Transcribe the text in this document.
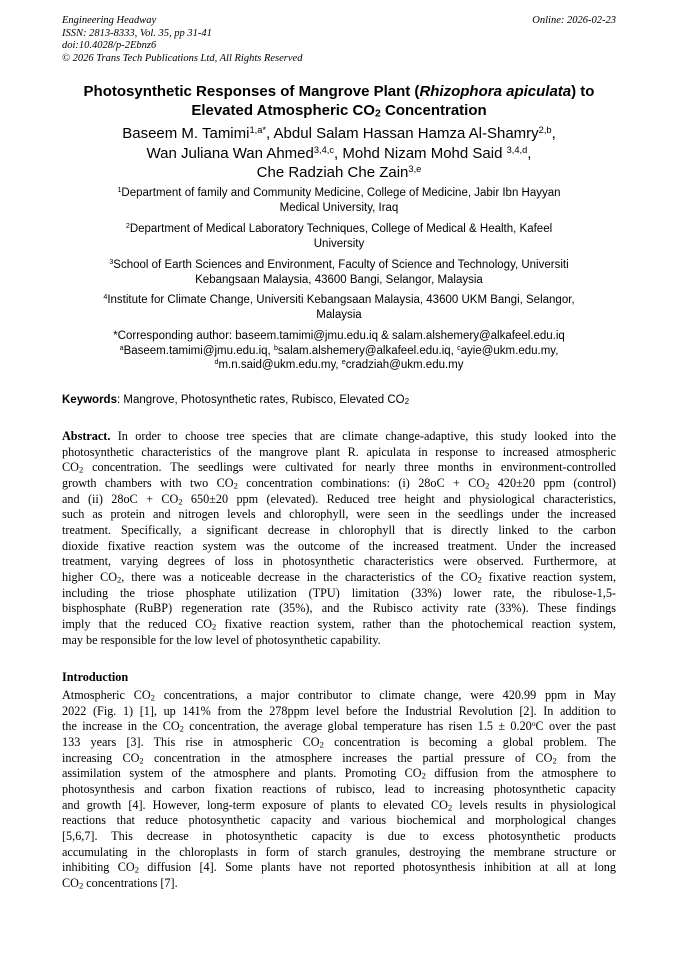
Engineering Headway
ISSN: 2813-8333, Vol. 35, pp 31-41
doi:10.4028/p-2Ebnz6
© 2026 Trans Tech Publications Ltd, All Rights Reserved
Online: 2026-02-23
Photosynthetic Responses of Mangrove Plant (Rhizophora apiculata) to
Elevated Atmospheric $CO_2$ Concentration
Baseem M. Tamimi$^{1,a*}$, Abdul Salam Hassan Hamza Al-Shamry$^{2,b}$,
Wan Juliana Wan Ahmed$^{3,4,c}$, Mohd Nizam Mohd Said $^{3,4,d}$,
Che Radziah Che Zain$^{3,e}$
$^1$Department of family and Community Medicine, College of Medicine, Jabir Ibn Hayyan
Medical University, Iraq
$^2$Department of Medical Laboratory Techniques, College of Medical & Health, Kafeel
University
$^3$School of Earth Sciences and Environment, Faculty of Science and Technology, Universiti
Kebangsaan Malaysia, 43600 Bangi, Selangor, Malaysia
$^4$Institute for Climate Change, Universiti Kebangsaan Malaysia, 43600 UKM Bangi, Selangor,
Malaysia
*Corresponding author: baseem.tamimi@jmu.edu.iq & salam.alshemery@alkafeel.edu.iq
$^a$Baseem.tamimi@jmu.edu.iq, $^b$salam.alshemery@alkafeel.edu.iq, $^c$ayie@ukm.edu.my,
$^d$m.n.said@ukm.edu.my, $^e$cradziah@ukm.edu.my
Keywords: Mangrove, Photosynthetic rates, Rubisco, Elevated $CO_2$
Abstract. In order to choose tree species that are climate change-adaptive, this study looked into the
photosynthetic characteristics of the mangrove plant R. apiculata in response to increased atmospheric
$CO_2$ concentration. The seedlings were cultivated for nearly three months in environment-controlled
growth chambers with two $CO_2$ concentration combinations: (i) $28oC + CO_2$ 420±20 ppm (control)
and (ii) $28oC + CO_2$ 650±20 ppm (elevated). Reduced tree height and physiological characteristics,
such as protein and nitrogen levels and chlorophyll, were seen in the seedlings under the increased
treatment. Specifically, a significant decrease in chlorophyll that is directly linked to the carbon
dioxide fixative reaction system was the outcome of the increased treatment. Under the increased
treatment, varying degrees of loss in photosynthetic characteristics were observed. Furthermore, at
higher $CO_2$, there was a noticeable decrease in the characteristics of the $CO_2$ fixative reaction system,
including the triose phosphate utilization (TPU) limitation (33%) lower rate, the ribulose-1,5-
bisphosphate (RuBP) regeneration rate (35%), and the Rubisco activity rate (33%). These findings
imply that the reduced $CO_2$ fixative reaction system, rather than the photochemical reaction system,
may be responsible for the low level of photosynthetic capability.
Introduction
Atmospheric $CO_2$ concentrations, a major contributor to climate change, were 420.99 ppm in May
2022 (Fig. 1) [1], up 141% from the 278ppm level before the Industrial Revolution [2]. In addition to
the increase in the $CO_2$ concentration, the average global temperature has risen $1.5 \pm 0.20^oC$ over the past
133 years [3]. This rise in atmospheric $CO_2$ concentration is becoming a global problem. The
increasing $CO_2$ concentration in the atmosphere increases the partial pressure of $CO_2$ from the
assimilation system of the atmosphere and plants. Promoting $CO_2$ diffusion from the atmosphere to
photosynthesis and carbon fixation reactions of rubisco, lead to increasing photosynthetic capacity
and growth [4]. However, long-term exposure of plants to elevated $CO_2$ levels results in physiological
reactions that reduce photosynthetic capacity and various biochemical and morphological changes
[5,6,7]. This decrease in photosynthetic capacity is due to excess photosynthetic products
accumulating in the chloroplasts in form of starch granules, destroying the membrane structure or
inhibiting $CO_2$ diffusion [4]. Some plants have not reported photosynthesis inhibition at all at long
$CO_2$ concentrations [7].
